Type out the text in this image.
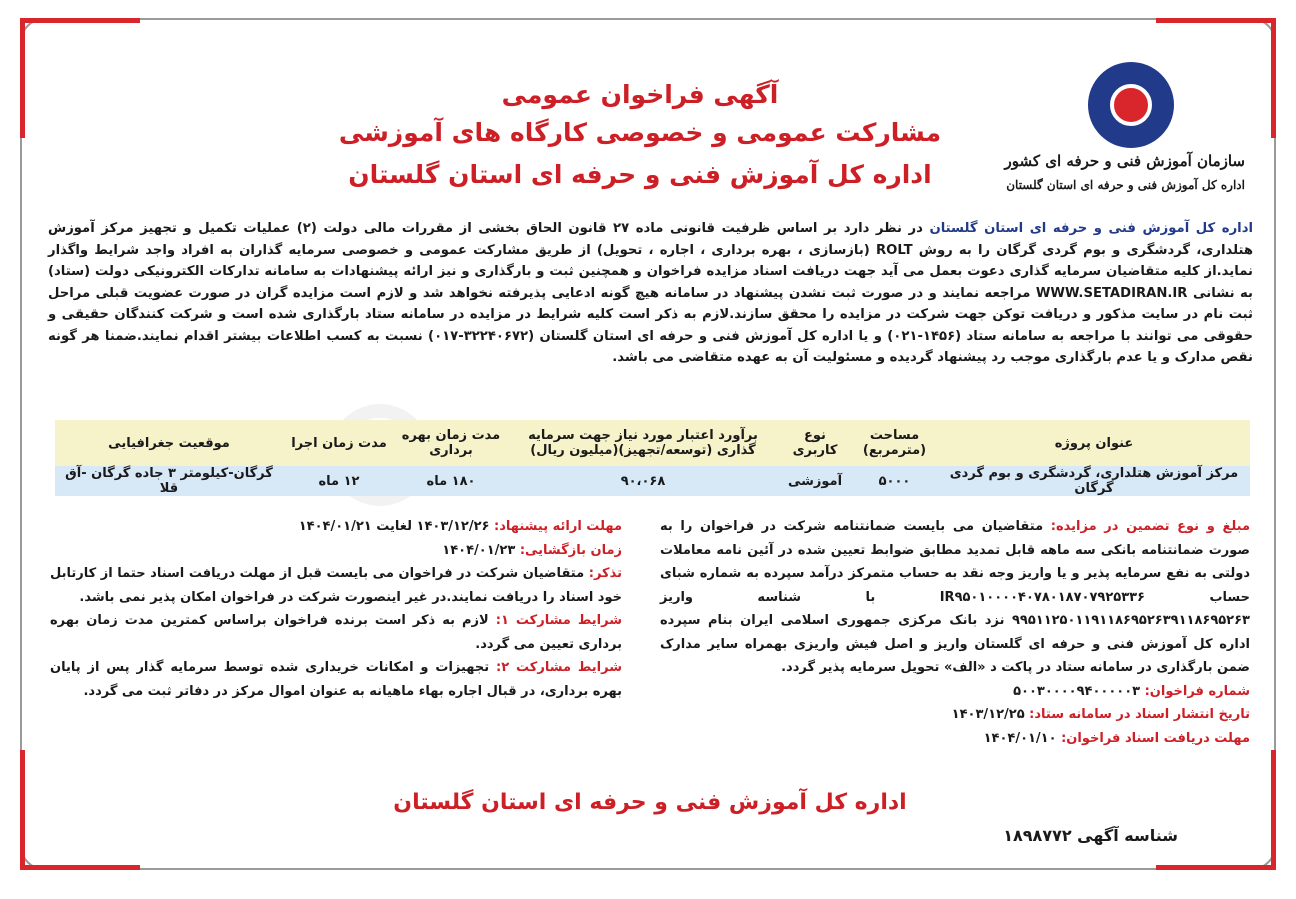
سازمان آموزش فنی و حرفه ای کشور
اداره کل آموزش فنی و حرفه ای استان گلستان
آگهی فراخوان عمومی
مشارکت عمومی و خصوصی کارگاه های آموزشی
اداره کل آموزش فنی و حرفه ای استان گلستان
اداره کل آموزش فنی و حرفه ای استان گلستان در نظر دارد بر اساس ظرفیت قانونی ماده ۲۷ قانون الحاق بخشی از مقررات مالی دولت (۲) عملیات تکمیل و تجهیز مرکز آموزش هتلداری، گردشگری و بوم گردی گرگان را به روش ROLT (بازسازی ، بهره برداری ، اجاره ، تحویل) از طریق مشارکت عمومی و خصوصی سرمایه گذاران به افراد واجد شرایط واگذار نماید.از کلیه متقاضیان سرمایه گذاری دعوت بعمل می آید جهت دریافت اسناد مزایده فراخوان و همچنین ثبت و بارگذاری و نیز ارائه پیشنهادات به سامانه تدارکات الکترونیکی دولت (ستاد) به نشانی WWW.SETADIRAN.IR مراجعه نمایند و در صورت ثبت نشدن پیشنهاد در سامانه هیچ گونه ادعایی پذیرفته نخواهد شد و لازم است مزایده گران در صورت عضویت قبلی مراحل ثبت نام در سایت مذکور و دریافت توکن جهت شرکت در مزایده را محقق سازند.لازم به ذکر است کلیه شرایط در مزایده در سامانه ستاد بارگذاری شده است و شرکت کنندگان حقیقی و حقوقی می توانند با مراجعه به سامانه ستاد (۱۴۵۶-۰۲۱) و یا اداره کل آموزش فنی و حرفه ای استان گلستان (۳۲۲۴۰۶۷۲-۰۱۷) نسبت به کسب اطلاعات بیشتر اقدام نمایند.ضمنا هر گونه نقص مدارک و یا عدم بارگذاری موجب رد پیشنهاد گردیده و مسئولیت آن به عهده متقاضی می باشد.
عنوان پروژه	مساحت (مترمربع)	نوع کاربری	برآورد اعتبار مورد نیاز جهت سرمایه گذاری (توسعه/تجهیز)(میلیون ریال)	مدت زمان بهره برداری	مدت زمان اجرا	موقعیت جغرافیایی
مرکز آموزش هتلداری، گردشگری و بوم گردی گرگان	۵۰۰۰	آموزشی	۹۰،۰۶۸	۱۸۰ ماه	۱۲ ماه	گرگان-کیلومتر ۳ جاده گرگان -آق قلا
مبلغ و نوع تضمین در مزایده: متقاضیان می بایست ضمانتنامه شرکت در فراخوان را به صورت ضمانتنامه بانکی سه ماهه قابل تمدید مطابق ضوابط تعیین شده در آئین نامه معاملات دولتی به نفع سرمایه پذیر و یا واریز وجه نقد به حساب متمرکز درآمد سپرده به شماره شبای حساب IR۹۵۰۱۰۰۰۰۴۰۷۸۰۱۸۷۰۷۹۲۵۳۳۶ با شناسه واریز ۹۹۵۱۱۲۵۰۱۱۹۱۱۸۶۹۵۲۶۳۹۱۱۸۶۹۵۲۶۳ نزد بانک مرکزی جمهوری اسلامی ایران بنام سپرده اداره کل آموزش فنی و حرفه ای گلستان واریز و اصل فیش واریزی بهمراه سایر مدارک ضمن بارگذاری در سامانه ستاد در پاکت د «الف» تحویل سرمایه پذیر گردد.
شماره فراخوان: ۵۰۰۳۰۰۰۰۹۴۰۰۰۰۰۳
تاریخ انتشار اسناد در سامانه ستاد: ۱۴۰۳/۱۲/۲۵
مهلت دریافت اسناد فراخوان: ۱۴۰۴/۰۱/۱۰
مهلت ارائه پیشنهاد: ۱۴۰۳/۱۲/۲۶ لغایت ۱۴۰۴/۰۱/۲۱
زمان بازگشایی: ۱۴۰۴/۰۱/۲۳
تذکر: متقاضیان شرکت در فراخوان می بایست قبل از مهلت دریافت اسناد حتما از کارتابل خود اسناد را دریافت نمایند.در غیر اینصورت شرکت در فراخوان امکان پذیر نمی باشد.
شرایط مشارکت ۱: لازم به ذکر است برنده فراخوان براساس کمترین مدت زمان بهره برداری تعیین می گردد.
شرایط مشارکت ۲: تجهیزات و امکانات خریداری شده توسط سرمایه گذار پس از پایان بهره برداری، در قبال اجاره بهاء ماهیانه به عنوان اموال مرکز در دفاتر ثبت می گردد.
اداره کل آموزش فنی و حرفه ای استان گلستان
شناسه آگهی ۱۸۹۸۷۷۲
